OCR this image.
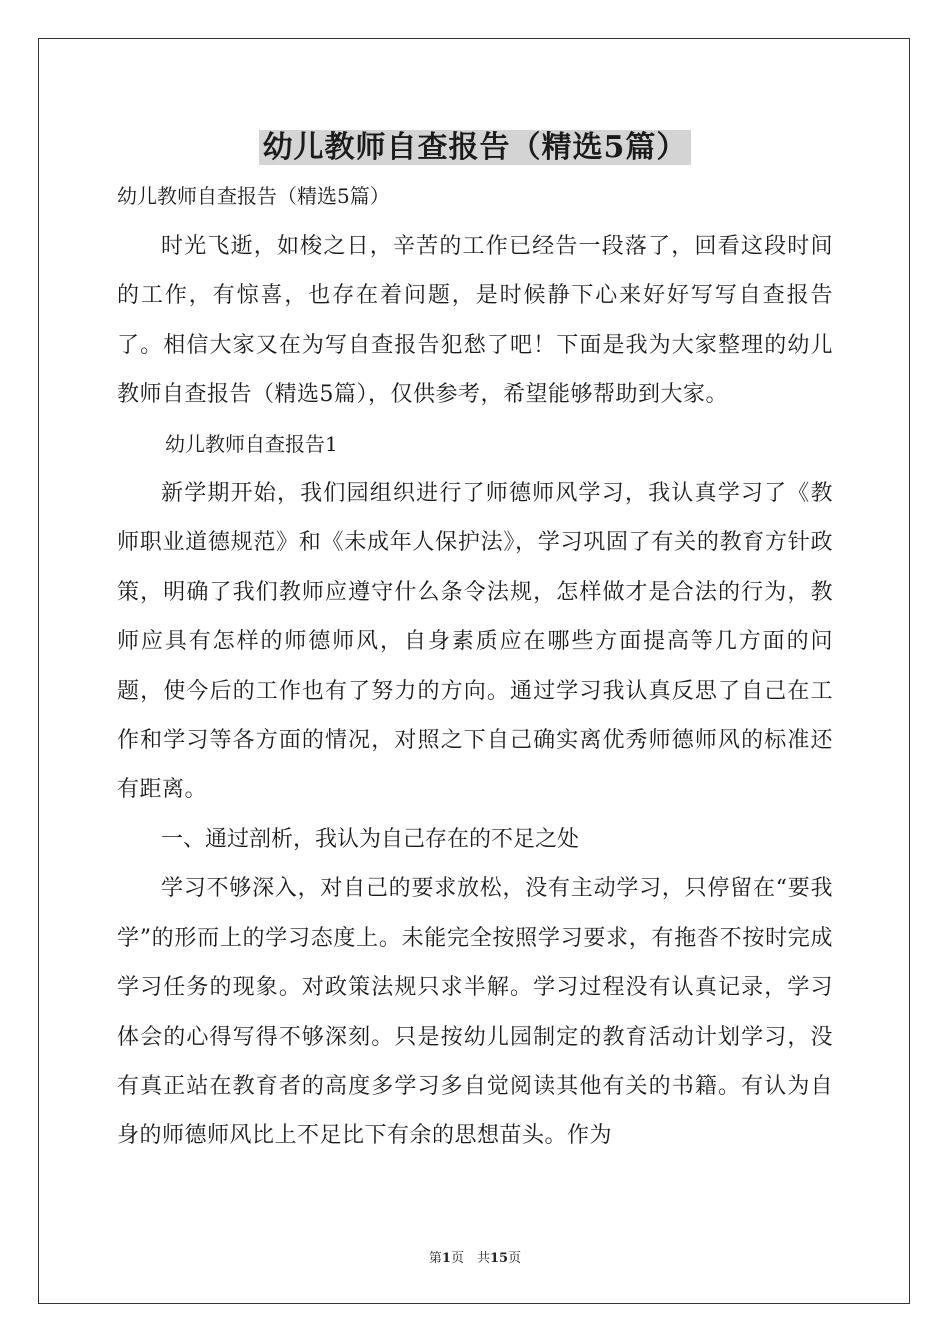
幼儿教师自查报告（精选5篇）

幼儿教师自查报告（精选5篇）

时光飞逝，如梭之日，辛苦的工作已经告一段落了，回看这段时间的工作，有惊喜，也存在着问题，是时候静下心来好好写写自查报告了。相信大家又在为写自查报告犯愁了吧！下面是我为大家整理的幼儿教师自查报告（精选5篇），仅供参考，希望能够帮助到大家。

幼儿教师自查报告1

新学期开始，我们园组织进行了师德师风学习，我认真学习了《教师职业道德规范》和《未成年人保护法》，学习巩固了有关的教育方针政策，明确了我们教师应遵守什么条令法规，怎样做才是合法的行为，教师应具有怎样的师德师风，自身素质应在哪些方面提高等几方面的问题，使今后的工作也有了努力的方向。通过学习我认真反思了自己在工作和学习等各方面的情况，对照之下自己确实离优秀师德师风的标准还有距离。

一、通过剖析，我认为自己存在的不足之处

学习不够深入，对自己的要求放松，没有主动学习，只停留在“要我学”的形而上的学习态度上。未能完全按照学习要求，有拖沓不按时完成学习任务的现象。对政策法规只求半解。学习过程没有认真记录，学习体会的心得写得不够深刻。只是按幼儿园制定的教育活动计划学习，没有真正站在教育者的高度多学习多自觉阅读其他有关的书籍。有认为自身的师德师风比上不足比下有余的思想苗头。作为

第1页　共15页
